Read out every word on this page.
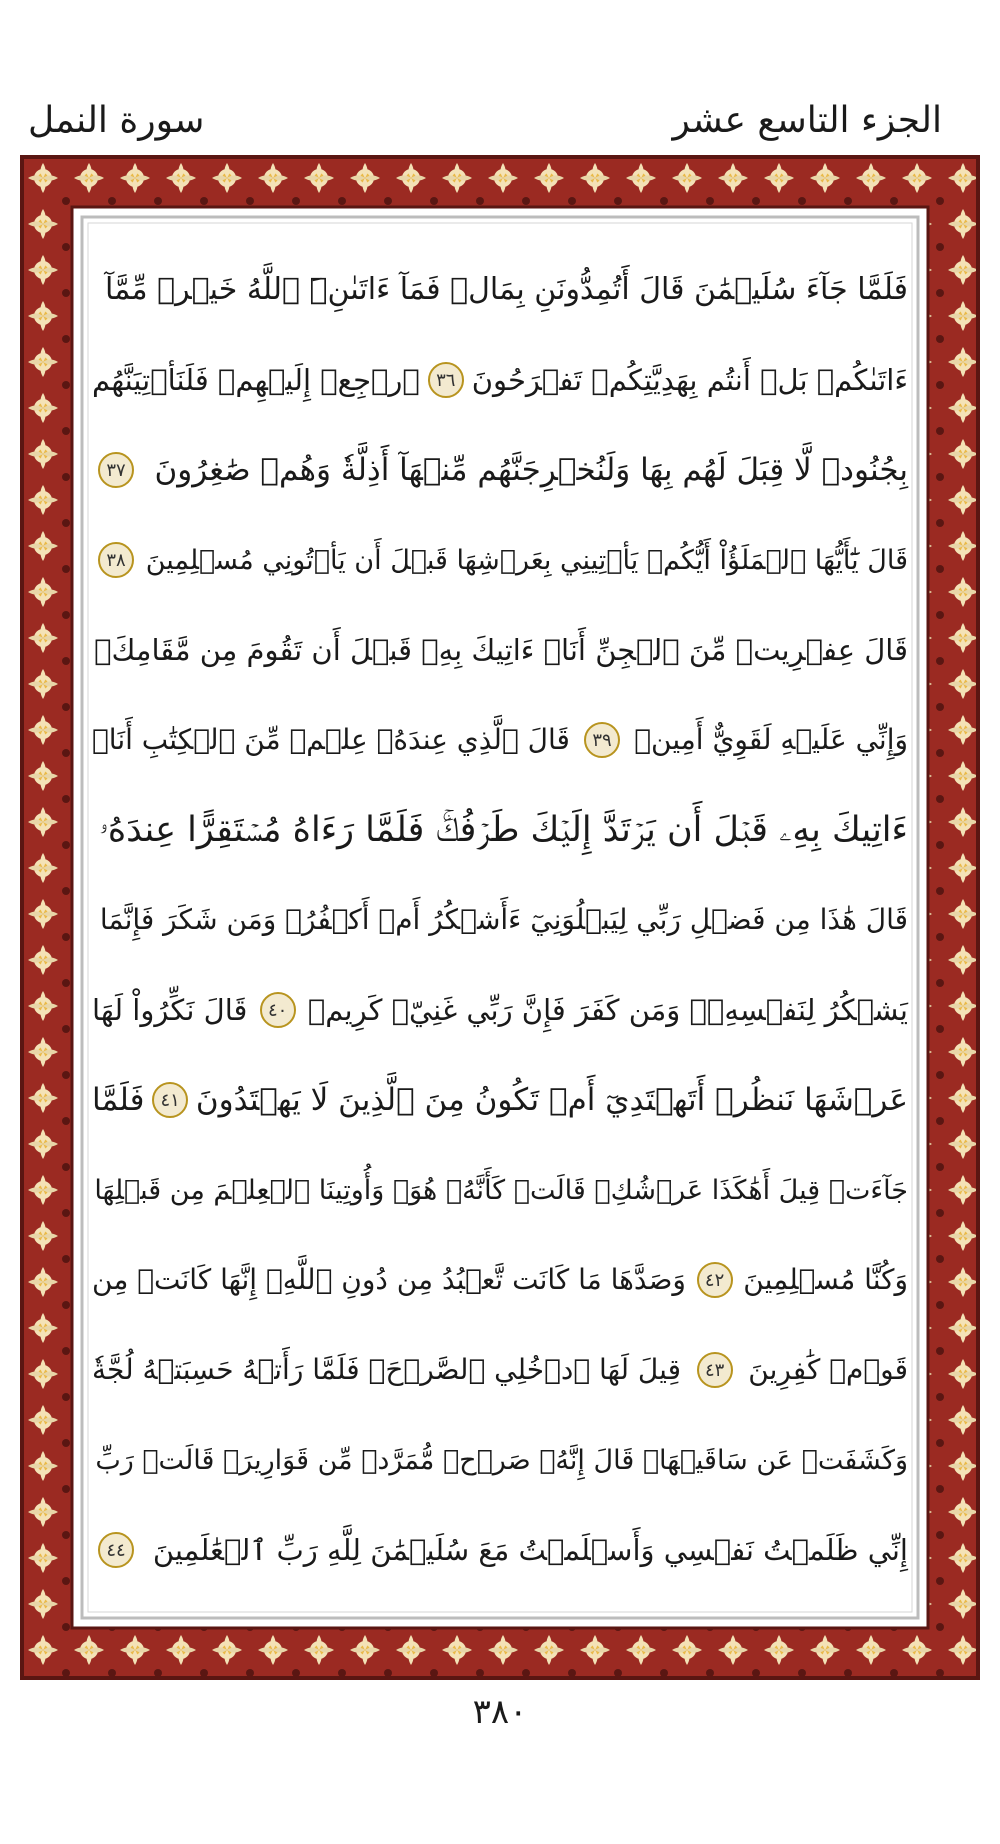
الجزء التاسع عشر
سورة النمل
فَلَمَّا جَآءَ سُلَيۡمَٰنَ قَالَ أَتُمِدُّونَنِ بِمَالٖ فَمَآ ءَاتَىٰنِۦَ ٱللَّهُ خَيۡرٞ مِّمَّآ
ءَاتَىٰكُمۚ بَلۡ أَنتُم بِهَدِيَّتِكُمۡ تَفۡرَحُونَ
٣٦
ٱرۡجِعۡ إِلَيۡهِمۡ فَلَنَأۡتِيَنَّهُم
بِجُنُودٖ لَّا قِبَلَ لَهُم بِهَا وَلَنُخۡرِجَنَّهُم مِّنۡهَآ أَذِلَّةٗ وَهُمۡ صَٰغِرُونَ
٣٧
قَالَ يَٰٓأَيُّهَا ٱلۡمَلَؤُاْ أَيُّكُمۡ يَأۡتِينِي بِعَرۡشِهَا قَبۡلَ أَن يَأۡتُونِي مُسۡلِمِينَ
٣٨
قَالَ عِفۡرِيتٞ مِّنَ ٱلۡجِنِّ أَنَا۠ ءَاتِيكَ بِهِۦ قَبۡلَ أَن تَقُومَ مِن مَّقَامِكَۖ
وَإِنِّي عَلَيۡهِ لَقَوِيٌّ أَمِينٞ
٣٩
قَالَ ٱلَّذِي عِندَهُۥ عِلۡمٞ مِّنَ ٱلۡكِتَٰبِ أَنَا۠
ءَاتِيكَ بِهِۦ قَبۡلَ أَن يَرۡتَدَّ إِلَيۡكَ طَرۡفُكَۚ فَلَمَّا رَءَاهُ مُسۡتَقِرًّا عِندَهُۥ
قَالَ هَٰذَا مِن فَضۡلِ رَبِّي لِيَبۡلُوَنِيٓ ءَأَشۡكُرُ أَمۡ أَكۡفُرُۖ وَمَن شَكَرَ فَإِنَّمَا
يَشۡكُرُ لِنَفۡسِهِۦۖ وَمَن كَفَرَ فَإِنَّ رَبِّي غَنِيّٞ كَرِيمٞ
٤٠
قَالَ نَكِّرُواْ لَهَا
عَرۡشَهَا نَنظُرۡ أَتَهۡتَدِيٓ أَمۡ تَكُونُ مِنَ ٱلَّذِينَ لَا يَهۡتَدُونَ
٤١
فَلَمَّا
جَآءَتۡ قِيلَ أَهَٰكَذَا عَرۡشُكِۖ قَالَتۡ كَأَنَّهُۥ هُوَۚ وَأُوتِينَا ٱلۡعِلۡمَ مِن قَبۡلِهَا
وَكُنَّا مُسۡلِمِينَ
٤٢
وَصَدَّهَا مَا كَانَت تَّعۡبُدُ مِن دُونِ ٱللَّهِۖ إِنَّهَا كَانَتۡ مِن
قَوۡمٖ كَٰفِرِينَ
٤٣
قِيلَ لَهَا ٱدۡخُلِي ٱلصَّرۡحَۖ فَلَمَّا رَأَتۡهُ حَسِبَتۡهُ لُجَّةٗ
وَكَشَفَتۡ عَن سَاقَيۡهَاۚ قَالَ إِنَّهُۥ صَرۡحٞ مُّمَرَّدٞ مِّن قَوَارِيرَۗ قَالَتۡ رَبِّ
إِنِّي ظَلَمۡتُ نَفۡسِي وَأَسۡلَمۡتُ مَعَ سُلَيۡمَٰنَ لِلَّهِ رَبِّ ٱلۡعَٰلَمِينَ
٤٤
٣٨٠
